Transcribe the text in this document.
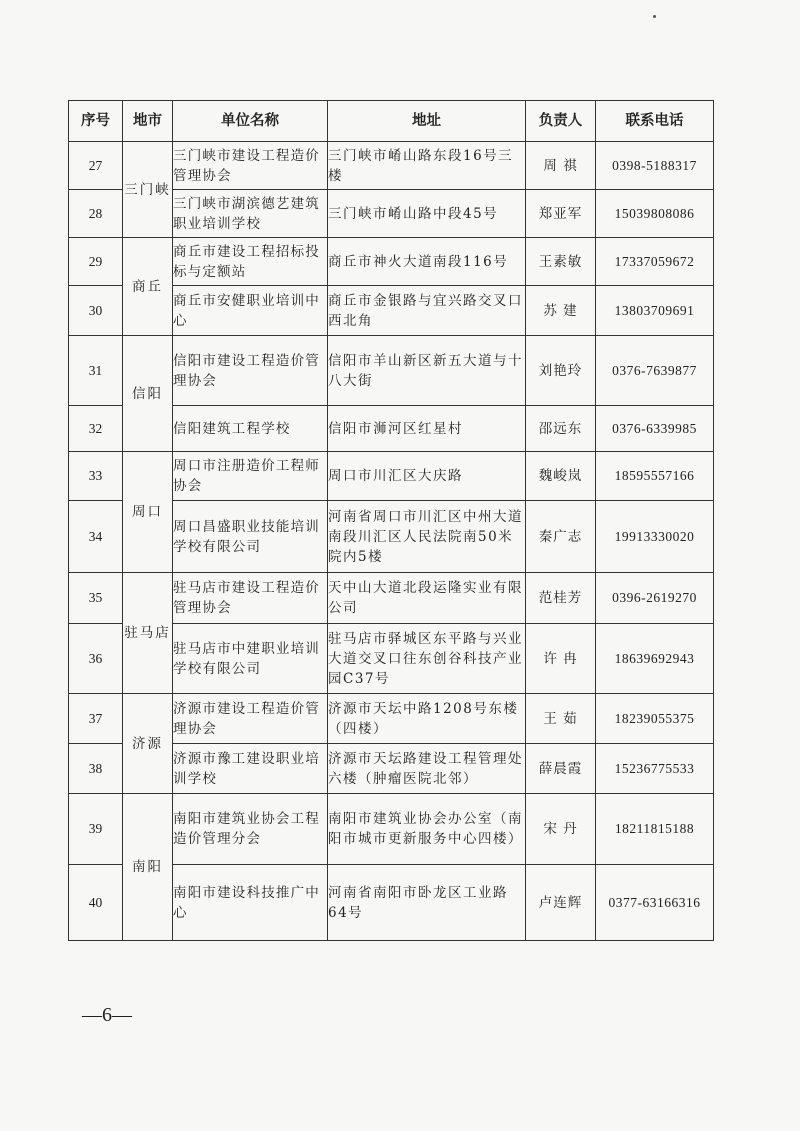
序号	地市	单位名称	地址	负责人	联系电话
27	三门峡	三门峡市建设工程造价管理协会	三门峡市崤山路东段16号三楼	周 祺	0398-5188317
28		三门峡市湖滨德艺建筑职业培训学校	三门峡市崤山路中段45号	郑亚军	15039808086
29	商丘	商丘市建设工程招标投标与定额站	商丘市神火大道南段116号	王素敏	17337059672
30		商丘市安健职业培训中心	商丘市金银路与宜兴路交叉口西北角	苏 建	13803709691
31	信阳	信阳市建设工程造价管理协会	信阳市羊山新区新五大道与十八大街	刘艳玲	0376-7639877
32		信阳建筑工程学校	信阳市浉河区红星村	邵远东	0376-6339985
33	周口	周口市注册造价工程师协会	周口市川汇区大庆路	魏峻岚	18595557166
34		周口昌盛职业技能培训学校有限公司	河南省周口市川汇区中州大道南段川汇区人民法院南50米院内5楼	秦广志	19913330020
35	驻马店	驻马店市建设工程造价管理协会	天中山大道北段运隆实业有限公司	范桂芳	0396-2619270
36		驻马店市中建职业培训学校有限公司	驻马店市驿城区东平路与兴业大道交叉口往东创谷科技产业园C37号	许 冉	18639692943
37	济源	济源市建设工程造价管理协会	济源市天坛中路1208号东楼（四楼）	王 茹	18239055375
38		济源市豫工建设职业培训学校	济源市天坛路建设工程管理处六楼（肿瘤医院北邻）	薛晨霞	15236775533
39	南阳	南阳市建筑业协会工程造价管理分会	南阳市建筑业协会办公室（南阳市城市更新服务中心四楼）	宋 丹	18211815188
40		南阳市建设科技推广中心	河南省南阳市卧龙区工业路64号	卢连辉	0377-63166316
—6—
